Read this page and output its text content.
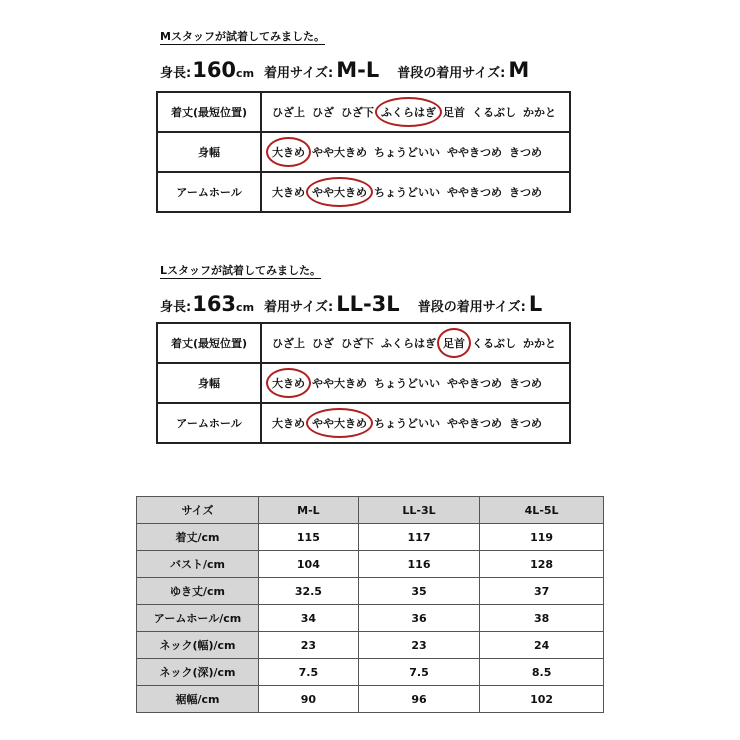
Mスタッフが試着してみました。
身長: 160 cm 着用サイズ: M-L 普段の着用サイズ: M
着丈(最短位置)	ひざ上 ひざ ひざ下 ふくらはぎ 足首 くるぶし かかと
身幅	大きめ やや大きめ ちょうどいい ややきつめ きつめ
アームホール	大きめ やや大きめ ちょうどいい ややきつめ きつめ
Lスタッフが試着してみました。
身長: 163 cm 着用サイズ: LL-3L 普段の着用サイズ: L
着丈(最短位置)	ひざ上 ひざ ひざ下 ふくらはぎ 足首 くるぶし かかと
身幅	大きめ やや大きめ ちょうどいい ややきつめ きつめ
アームホール	大きめ やや大きめ ちょうどいい ややきつめ きつめ
サイズ	M-L	LL-3L	4L-5L
着丈/cm	115	117	119
バスト/cm	104	116	128
ゆき丈/cm	32.5	35	37
アームホール/cm	34	36	38
ネック(幅)/cm	23	23	24
ネック(深)/cm	7.5	7.5	8.5
裾幅/cm	90	96	102
